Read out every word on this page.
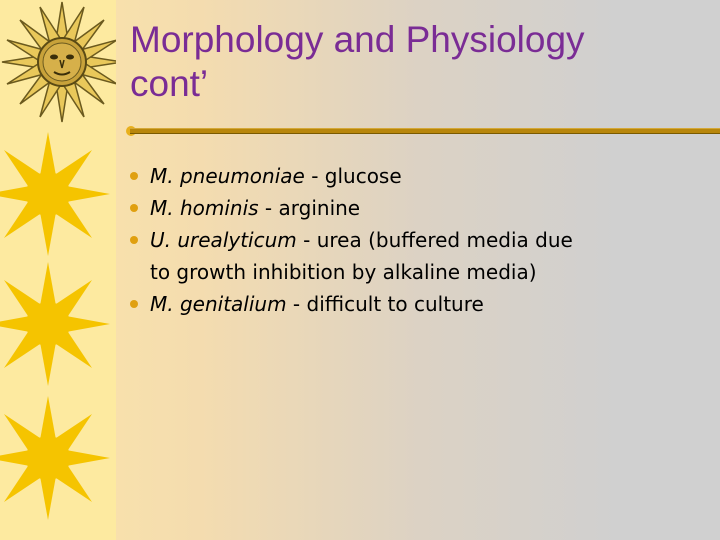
Morphology and Physiology
cont’
M. pneumoniae - glucose
M. hominis - arginine
U. urealyticum - urea (buffered media due
to growth inhibition by alkaline media)
M. genitalium - difficult to culture
